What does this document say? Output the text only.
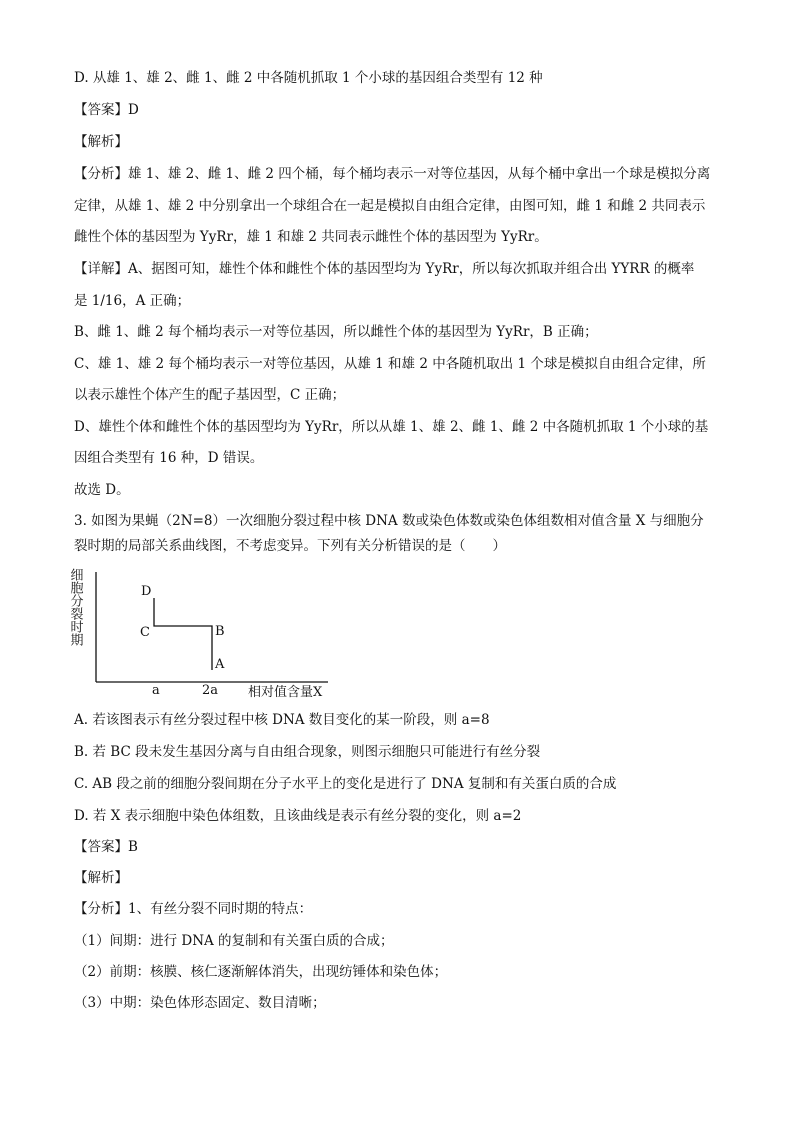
D. 从雄 1、雄 2、雌 1、雌 2 中各随机抓取 1 个小球的基因组合类型有 12 种
【答案】D
【解析】
【分析】雄 1、雄 2、雌 1、雌 2 四个桶，每个桶均表示一对等位基因，从每个桶中拿出一个球是模拟分离
定律，从雄 1、雄 2 中分别拿出一个球组合在一起是模拟自由组合定律，由图可知，雌 1 和雌 2 共同表示
雌性个体的基因型为 YyRr，雄 1 和雄 2 共同表示雌性个体的基因型为 YyRr。
【详解】A、据图可知，雄性个体和雌性个体的基因型均为 YyRr，所以每次抓取并组合出 YYRR 的概率
是 1/16，A 正确；
B、雌 1、雌 2 每个桶均表示一对等位基因，所以雌性个体的基因型为 YyRr，B 正确；
C、雄 1、雄 2 每个桶均表示一对等位基因，从雄 1 和雄 2 中各随机取出 1 个球是模拟自由组合定律，所
以表示雄性个体产生的配子基因型，C 正确；
D、雄性个体和雌性个体的基因型均为 YyRr，所以从雄 1、雄 2、雌 1、雌 2 中各随机抓取 1 个小球的基
因组合类型有 16 种，D 错误。
故选 D。
3. 如图为果蝇（2N=8）一次细胞分裂过程中核 DNA 数或染色体数或染色体组数相对值含量 X 与细胞分
裂时期的局部关系曲线图，不考虑变异。下列有关分析错误的是（　　）
细胞分裂时期
a	2a 相对值含量X
D
C	B
A
A. 若该图表示有丝分裂过程中核 DNA 数目变化的某一阶段，则 a=8
B. 若 BC 段未发生基因分离与自由组合现象，则图示细胞只可能进行有丝分裂
C. AB 段之前的细胞分裂间期在分子水平上的变化是进行了 DNA 复制和有关蛋白质的合成
D. 若 X 表示细胞中染色体组数，且该曲线是表示有丝分裂的变化，则 a=2
【答案】B
【解析】
【分析】1、有丝分裂不同时期的特点：
（1）间期：进行 DNA 的复制和有关蛋白质的合成；
（2）前期：核膜、核仁逐渐解体消失，出现纺锤体和染色体；
（3）中期：染色体形态固定、数目清晰；
